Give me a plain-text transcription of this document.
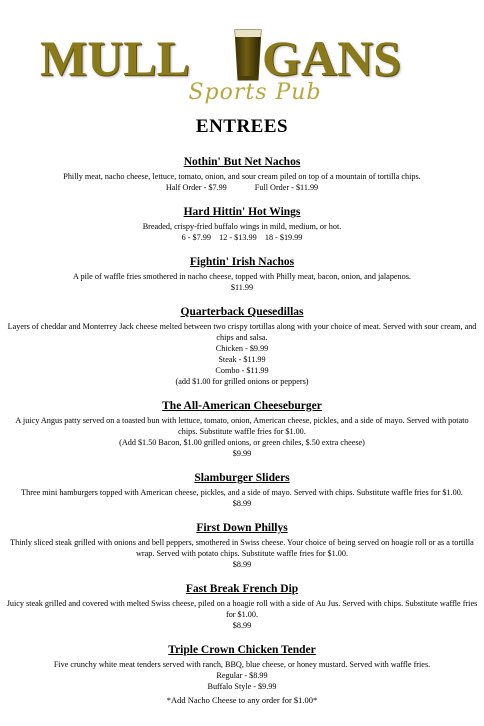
MULL GANS
Sports Pub
ENTREES
Nothin' But Net Nachos
Philly meat, nacho cheese, lettuce, tomato, onion, and sour cream piled on top of a mountain of tortilla chips.
Half Order - $7.99	Full Order - $11.99
Hard Hittin' Hot Wings
Breaded, crispy-fried buffalo wings in mild, medium, or hot.
6 - $7.99 12 - $13.99 18 - $19.99
Fightin' Irish Nachos
A pile of waffle fries smothered in nacho cheese, topped with Philly meat, bacon, onion, and jalapenos.
$11.99
Quarterback Quesedillas
Layers of cheddar and Monterrey Jack cheese melted between two crispy tortillas along with your choice of meat. Served with sour cream, and chips and salsa.
Chicken - $9.99
Steak - $11.99
Combo - $11.99
(add $1.00 for grilled onions or peppers)
The All-American Cheeseburger
A juicy Angus patty served on a toasted bun with lettuce, tomato, onion, American cheese, pickles, and a side of mayo. Served with potato chips. Substitute waffle fries for $1.00.
(Add $1.50 Bacon, $1.00 grilled onions, or green chiles, $.50 extra cheese)
$9.99
Slamburger Sliders
Three mini hamburgers topped with American cheese, pickles, and a side of mayo. Served with chips. Substitute waffle fries for $1.00.
$8.99
First Down Phillys
Thinly sliced steak grilled with onions and bell peppers, smothered in Swiss cheese. Your choice of being served on hoagie roll or as a tortilla wrap. Served with potato chips. Substitute waffle fries for $1.00.
$8.99
Fast Break French Dip
Juicy steak grilled and covered with melted Swiss cheese, piled on a hoagie roll with a side of Au Jus. Served with chips. Substitute waffle fries for $1.00.
$8.99
Triple Crown Chicken Tender
Five crunchy white meat tenders served with ranch, BBQ, blue cheese, or honey mustard. Served with waffle fries.
Regular - $8.99
Buffalo Style - $9.99
*Add Nacho Cheese to any order for $1.00*
